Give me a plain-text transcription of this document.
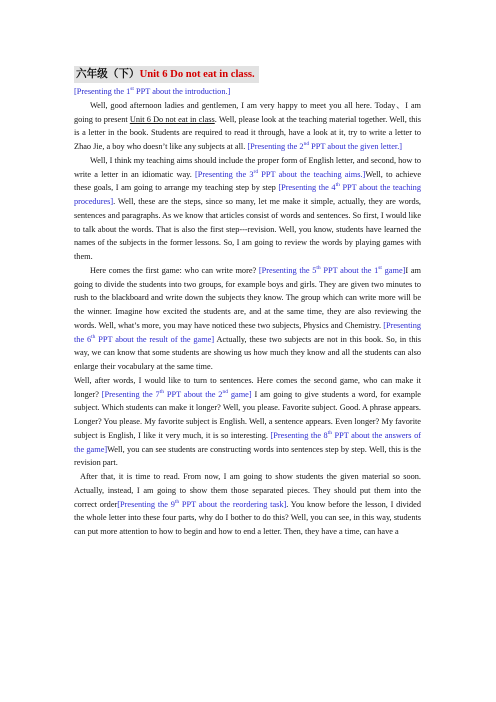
六年级（下）Unit 6 Do not eat in class.

[Presenting the 1st PPT about the introduction.]

Well, good afternoon ladies and gentlemen, I am very happy to meet you all here. Today、I am going to present Unit 6 Do not eat in class. Well, please look at the teaching material together. Well, this is a letter in the book. Students are required to read it through, have a look at it, try to write a letter to Zhao Jie, a boy who doesn’t like any subjects at all. [Presenting the 2nd PPT about the given letter.]

Well, I think my teaching aims should include the proper form of English letter, and second, how to write a letter in an idiomatic way. [Presenting the 3rd PPT about the teaching aims.]Well, to achieve these goals, I am going to arrange my teaching step by step [Presenting the 4th PPT about the teaching procedures]. Well, these are the steps, since so many, let me make it simple, actually, they are words, sentences and paragraphs. As we know that articles consist of words and sentences. So first, I would like to talk about the words. That is also the first step---revision. Well, you know, students have learned the names of the subjects in the former lessons. So, I am going to review the words by playing games with them.

Here comes the first game: who can write more? [Presenting the 5th PPT about the 1st game]I am going to divide the students into two groups, for example boys and girls. They are given two minutes to rush to the blackboard and write down the subjects they know. The group which can write more will be the winner. Imagine how excited the students are, and at the same time, they are also reviewing the words. Well, what’s more, you may have noticed these two subjects, Physics and Chemistry. [Presenting the 6th PPT about the result of the game] Actually, these two subjects are not in this book. So, in this way, we can know that some students are showing us how much they know and all the students can also enlarge their vocabulary at the same time.

Well, after words, I would like to turn to sentences. Here comes the second game, who can make it longer? [Presenting the 7th PPT about the 2nd game] I am going to give students a word, for example subject. Which students can make it longer? Well, you please. Favorite subject. Good. A phrase appears. Longer? You please. My favorite subject is English. Well, a sentence appears. Even longer? My favorite subject is English, I like it very much, it is so interesting. [Presenting the 8th PPT about the answers of the game]Well, you can see students are constructing words into sentences step by step. Well, this is the revision part.

After that, it is time to read. From now, I am going to show students the given material so soon. Actually, instead, I am going to show them those separated pieces. They should put them into the correct order[Presenting the 9th PPT about the reordering task]. You know before the lesson, I divided the whole letter into these four parts, why do I bother to do this? Well, you can see, in this way, students can put more attention to how to begin and how to end a letter. Then, they have a time, can have a
